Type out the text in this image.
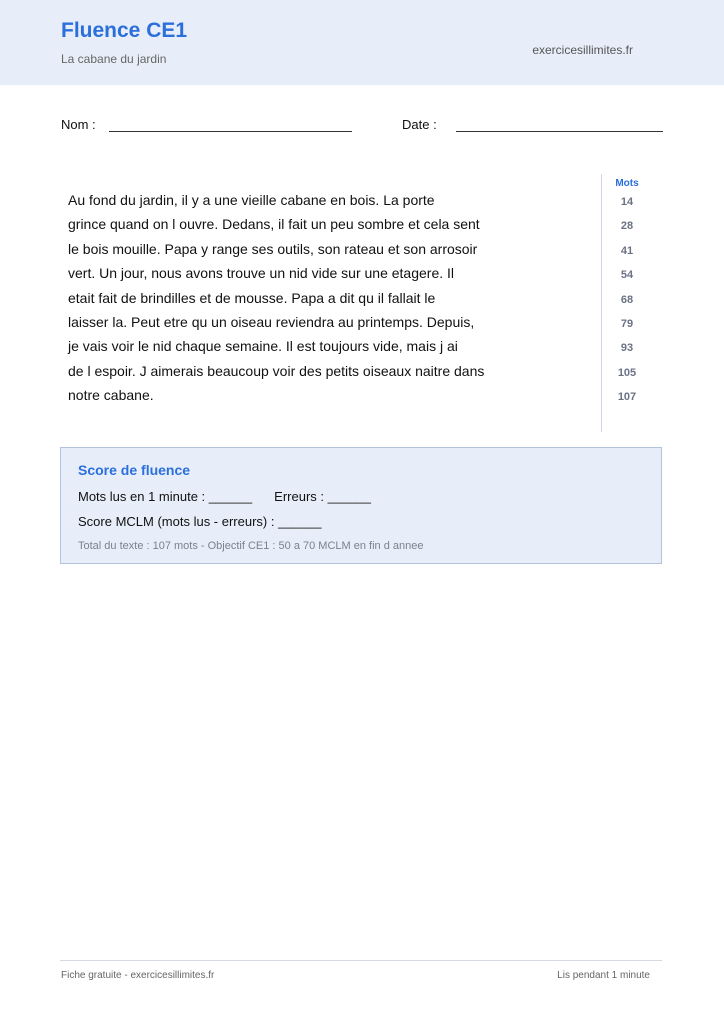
Fluence CE1
La cabane du jardin
exercicesillimites.fr
Nom :	Date :
Au fond du jardin, il y a une vieille cabane en bois. La porte
grince quand on l ouvre. Dedans, il fait un peu sombre et cela sent
le bois mouille. Papa y range ses outils, son rateau et son arrosoir
vert. Un jour, nous avons trouve un nid vide sur une etagere. Il
etait fait de brindilles et de mousse. Papa a dit qu il fallait le
laisser la. Peut etre qu un oiseau reviendra au printemps. Depuis,
je vais voir le nid chaque semaine. Il est toujours vide, mais j ai
de l espoir. J aimerais beaucoup voir des petits oiseaux naitre dans
notre cabane.
Mots
14
28
41
54
68
79
93
105
107
Score de fluence
Mots lus en 1 minute : ______ Erreurs : ______
Score MCLM (mots lus - erreurs) : ______
Total du texte : 107 mots - Objectif CE1 : 50 a 70 MCLM en fin d annee
Fiche gratuite - exercicesillimites.fr	Lis pendant 1 minute
